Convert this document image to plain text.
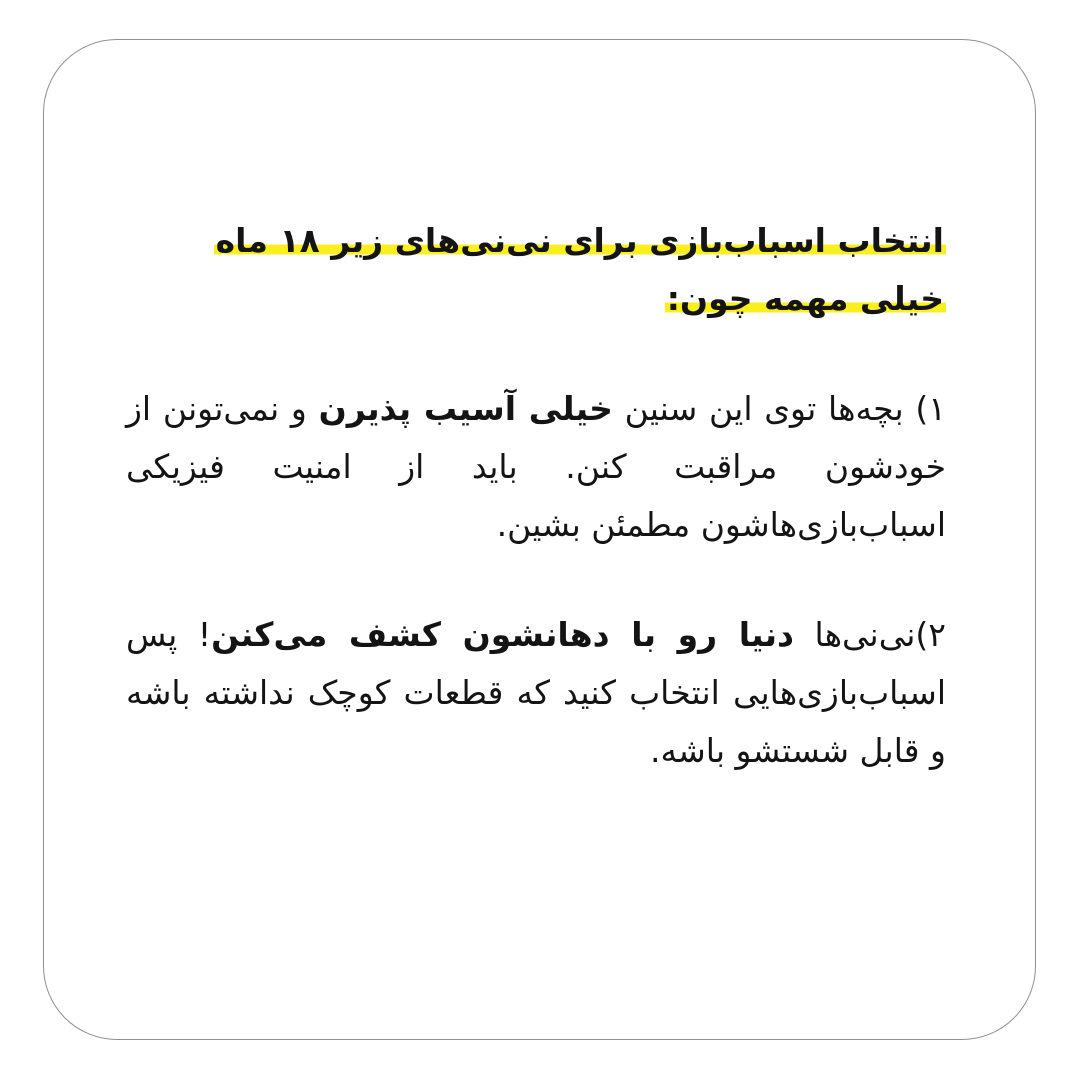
انتخاب اسباب‌بازی برای نی‌نی‌های زیر ۱۸ ماه خیلی مهمه چون:

۱) بچه‌ها توی این سنین خیلی آسیب پذیرن و نمی‌تونن از خودشون مراقبت کنن. باید از امنیت فیزیکی اسباب‌بازی‌هاشون مطمئن بشین.

۲)نی‌نی‌ها دنیا رو با دهانشون کشف می‌کنن! پس اسباب‌بازی‌هایی انتخاب کنید که قطعات کوچک نداشته باشه و قابل شستشو باشه.
